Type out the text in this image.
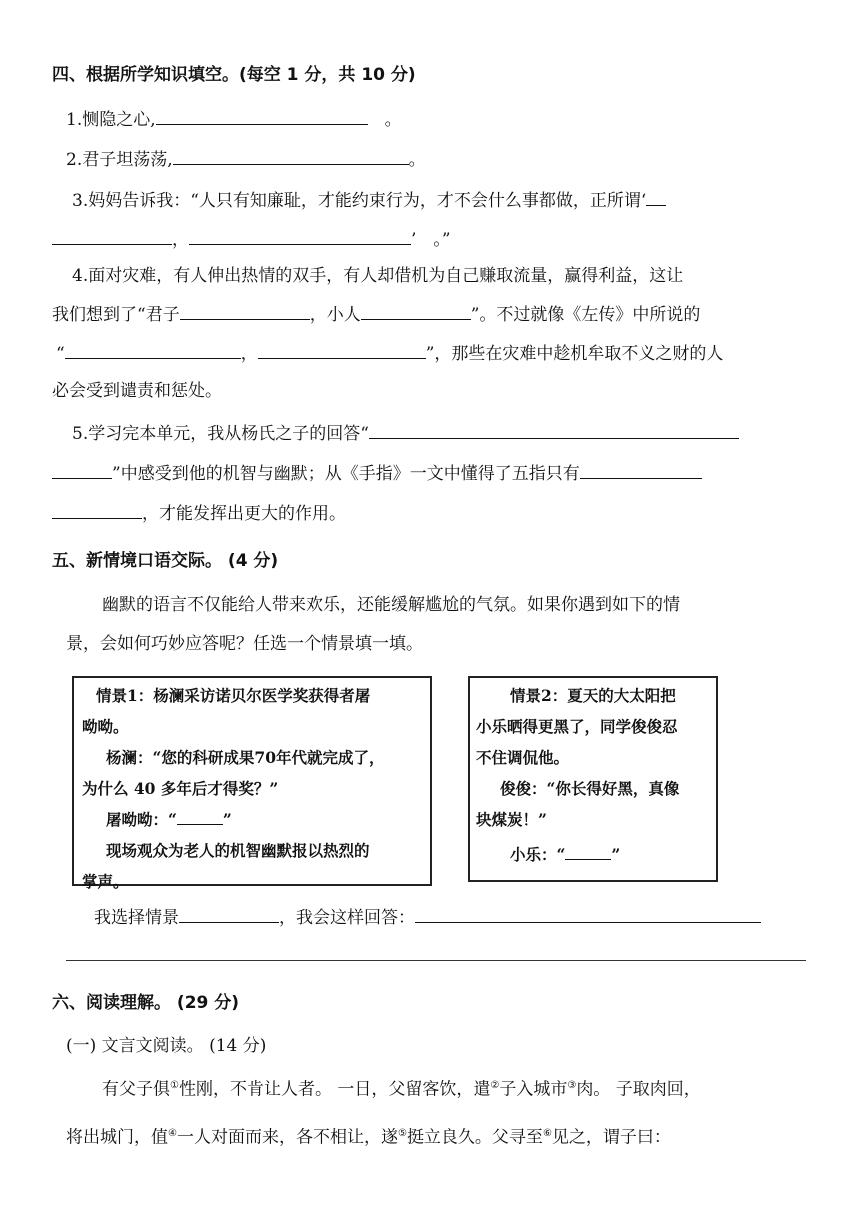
四、根据所学知识填空。(每空 1 分，共 10 分)
1.恻隐之心,　	。
2.君子坦荡荡,	。
3.妈妈告诉我：“人只有知廉耻，才能约束行为，才不会什么事都做，正所谓‘
，	’　。”
4.面对灾难，有人伸出热情的双手，有人却借机为自己赚取流量，赢得利益，这让
我们想到了“君子	，小人	”。不过就像《左传》中所说的
“	，	”，那些在灾难中趁机牟取不义之财的人
必会受到谴责和惩处。
5.学习完本单元，我从杨氏之子的回答“
”中感受到他的机智与幽默；从《手指》一文中懂得了五指只有
，才能发挥出更大的作用。
五、新情境口语交际。 (4 分)
幽默的语言不仅能给人带来欢乐，还能缓解尴尬的气氛。如果你遇到如下的情
景，会如何巧妙应答呢？任选一个情景填一填。
情景1：杨澜采访诺贝尔医学奖获得者屠
呦呦。
杨澜：“您的科研成果70年代就完成了，
为什么 40 多年后才得奖？”
屠呦呦：“	”
现场观众为老人的机智幽默报以热烈的
掌声。
情景2：夏天的大太阳把
小乐晒得更黑了，同学俊俊忍
不住调侃他。
俊俊：“你长得好黑，真像
块煤炭！”
小乐：“	”
我选择情景	，我会这样回答：
六、阅读理解。 (29 分)
(一) 文言文阅读。 (14 分)
有父子俱①性刚，不肯让人者。 一日，父留客饮，遣②子入城市③肉。 子取肉回，
将出城门，值④一人对面而来，各不相让，遂⑤挺立良久。父寻至⑥见之，谓子曰：
